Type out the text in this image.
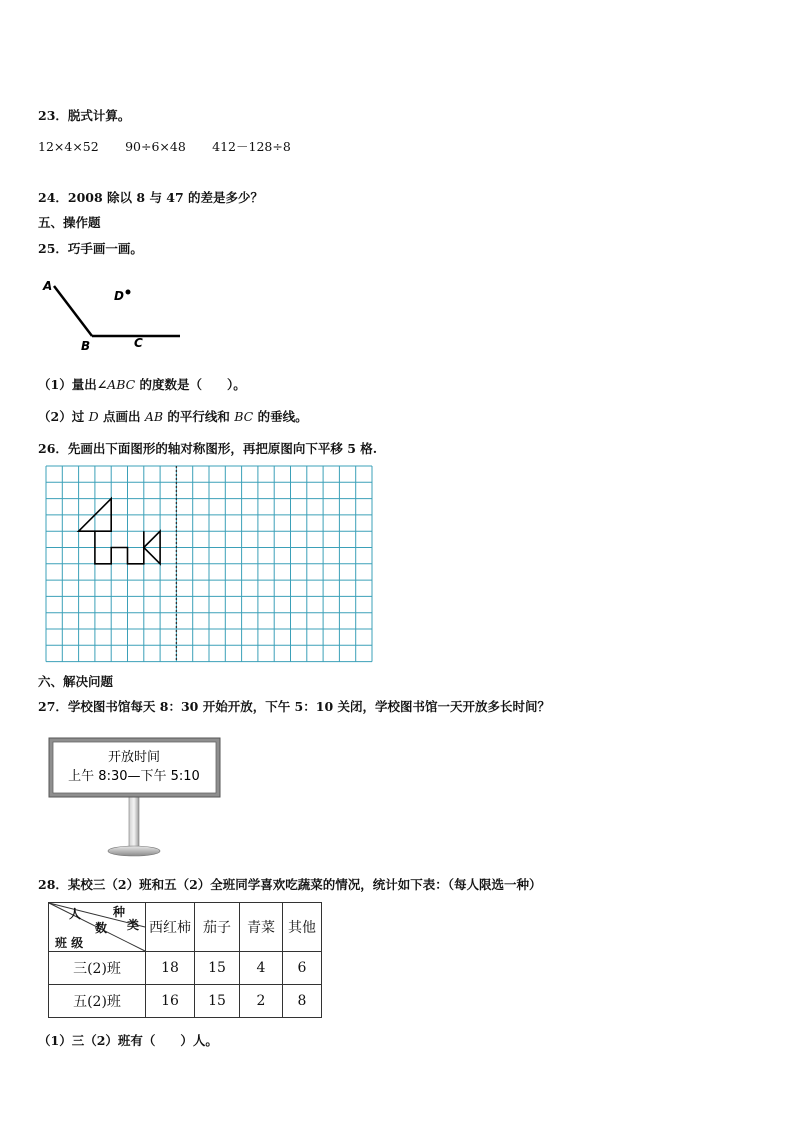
23．脱式计算。
12×4×52 90÷6×48 412－128÷8
24．2008 除以 8 与 47 的差是多少？
五、操作题
25．巧手画一画。
A
D
B	C
（1）量出∠ABC 的度数是（　　）。
（2）过 D 点画出 AB 的平行线和 BC 的垂线。
26．先画出下面图形的轴对称图形，再把原图向下平移 5 格.
六、解决问题
27．学校图书馆每天 8：30 开始开放，下午 5：10 关闭，学校图书馆一天开放多长时间？
开放时间
上午 8:30—下午 5:10
28．某校三（2）班和五（2）全班同学喜欢吃蔬菜的情况，统计如下表：（每人限选一种）
人
数
种
类
班 级	西红柿	茄子	青菜	其他
三(2)班	18	15	4	6
五(2)班	16	15	2	8
（1）三（2）班有（　　）人。
